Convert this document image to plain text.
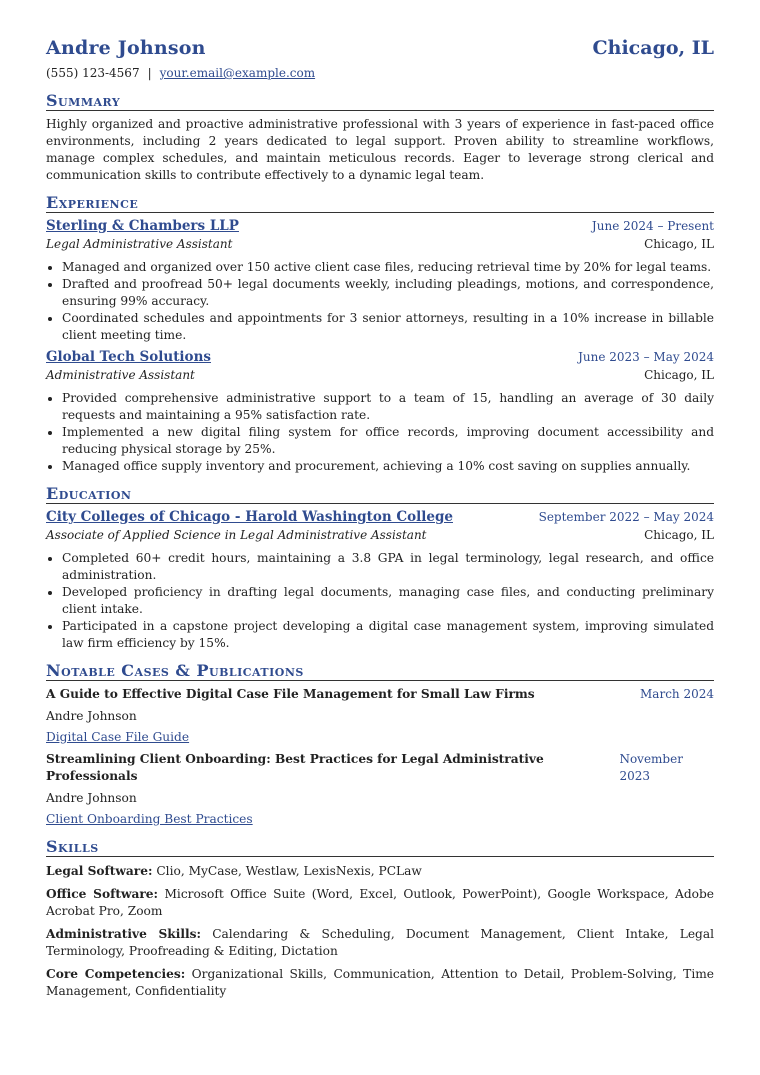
Andre Johnson	Chicago, IL
(555) 123-4567 | your.email@example.com
Summary

Highly organized and proactive administrative professional with 3 years of experience in fast-paced office environments, including 2 years dedicated to legal support. Proven ability to streamline workflows, manage complex schedules, and maintain meticulous records. Eager to leverage strong clerical and communication skills to contribute effectively to a dynamic legal team.

Experience
Sterling & Chambers LLP	June 2024 – Present
Legal Administrative Assistant	Chicago, IL
• Managed and organized over 150 active client case files, reducing retrieval time by 20% for legal teams.
• Drafted and proofread 50+ legal documents weekly, including pleadings, motions, and correspondence, ensuring 99% accuracy.
• Coordinated schedules and appointments for 3 senior attorneys, resulting in a 10% increase in billable client meeting time.
Global Tech Solutions	June 2023 – May 2024
Administrative Assistant	Chicago, IL
• Provided comprehensive administrative support to a team of 15, handling an average of 30 daily requests and maintaining a 95% satisfaction rate.
• Implemented a new digital filing system for office records, improving document accessibility and reducing physical storage by 25%.
• Managed office supply inventory and procurement, achieving a 10% cost saving on supplies annually.
Education
City Colleges of Chicago - Harold Washington College	September 2022 – May 2024
Associate of Applied Science in Legal Administrative Assistant	Chicago, IL
• Completed 60+ credit hours, maintaining a 3.8 GPA in legal terminology, legal research, and office administration.
• Developed proficiency in drafting legal documents, managing case files, and conducting preliminary client intake.
• Participated in a capstone project developing a digital case management system, improving simulated law firm efficiency by 15%.
Notable Cases & Publications
A Guide to Effective Digital Case File Management for Small Law Firms	March 2024
Andre Johnson
Digital Case File Guide
Streamlining Client Onboarding: Best Practices for Legal Administrative Professionals
November 2023
Andre Johnson
Client Onboarding Best Practices
Skills
Legal Software: Clio, MyCase, Westlaw, LexisNexis, PCLaw
Office Software: Microsoft Office Suite (Word, Excel, Outlook, PowerPoint), Google Workspace, Adobe Acrobat Pro, Zoom
Administrative Skills: Calendaring & Scheduling, Document Management, Client Intake, Legal Terminology, Proofreading & Editing, Dictation
Core Competencies: Organizational Skills, Communication, Attention to Detail, Problem-Solving, Time Management, Confidentiality
